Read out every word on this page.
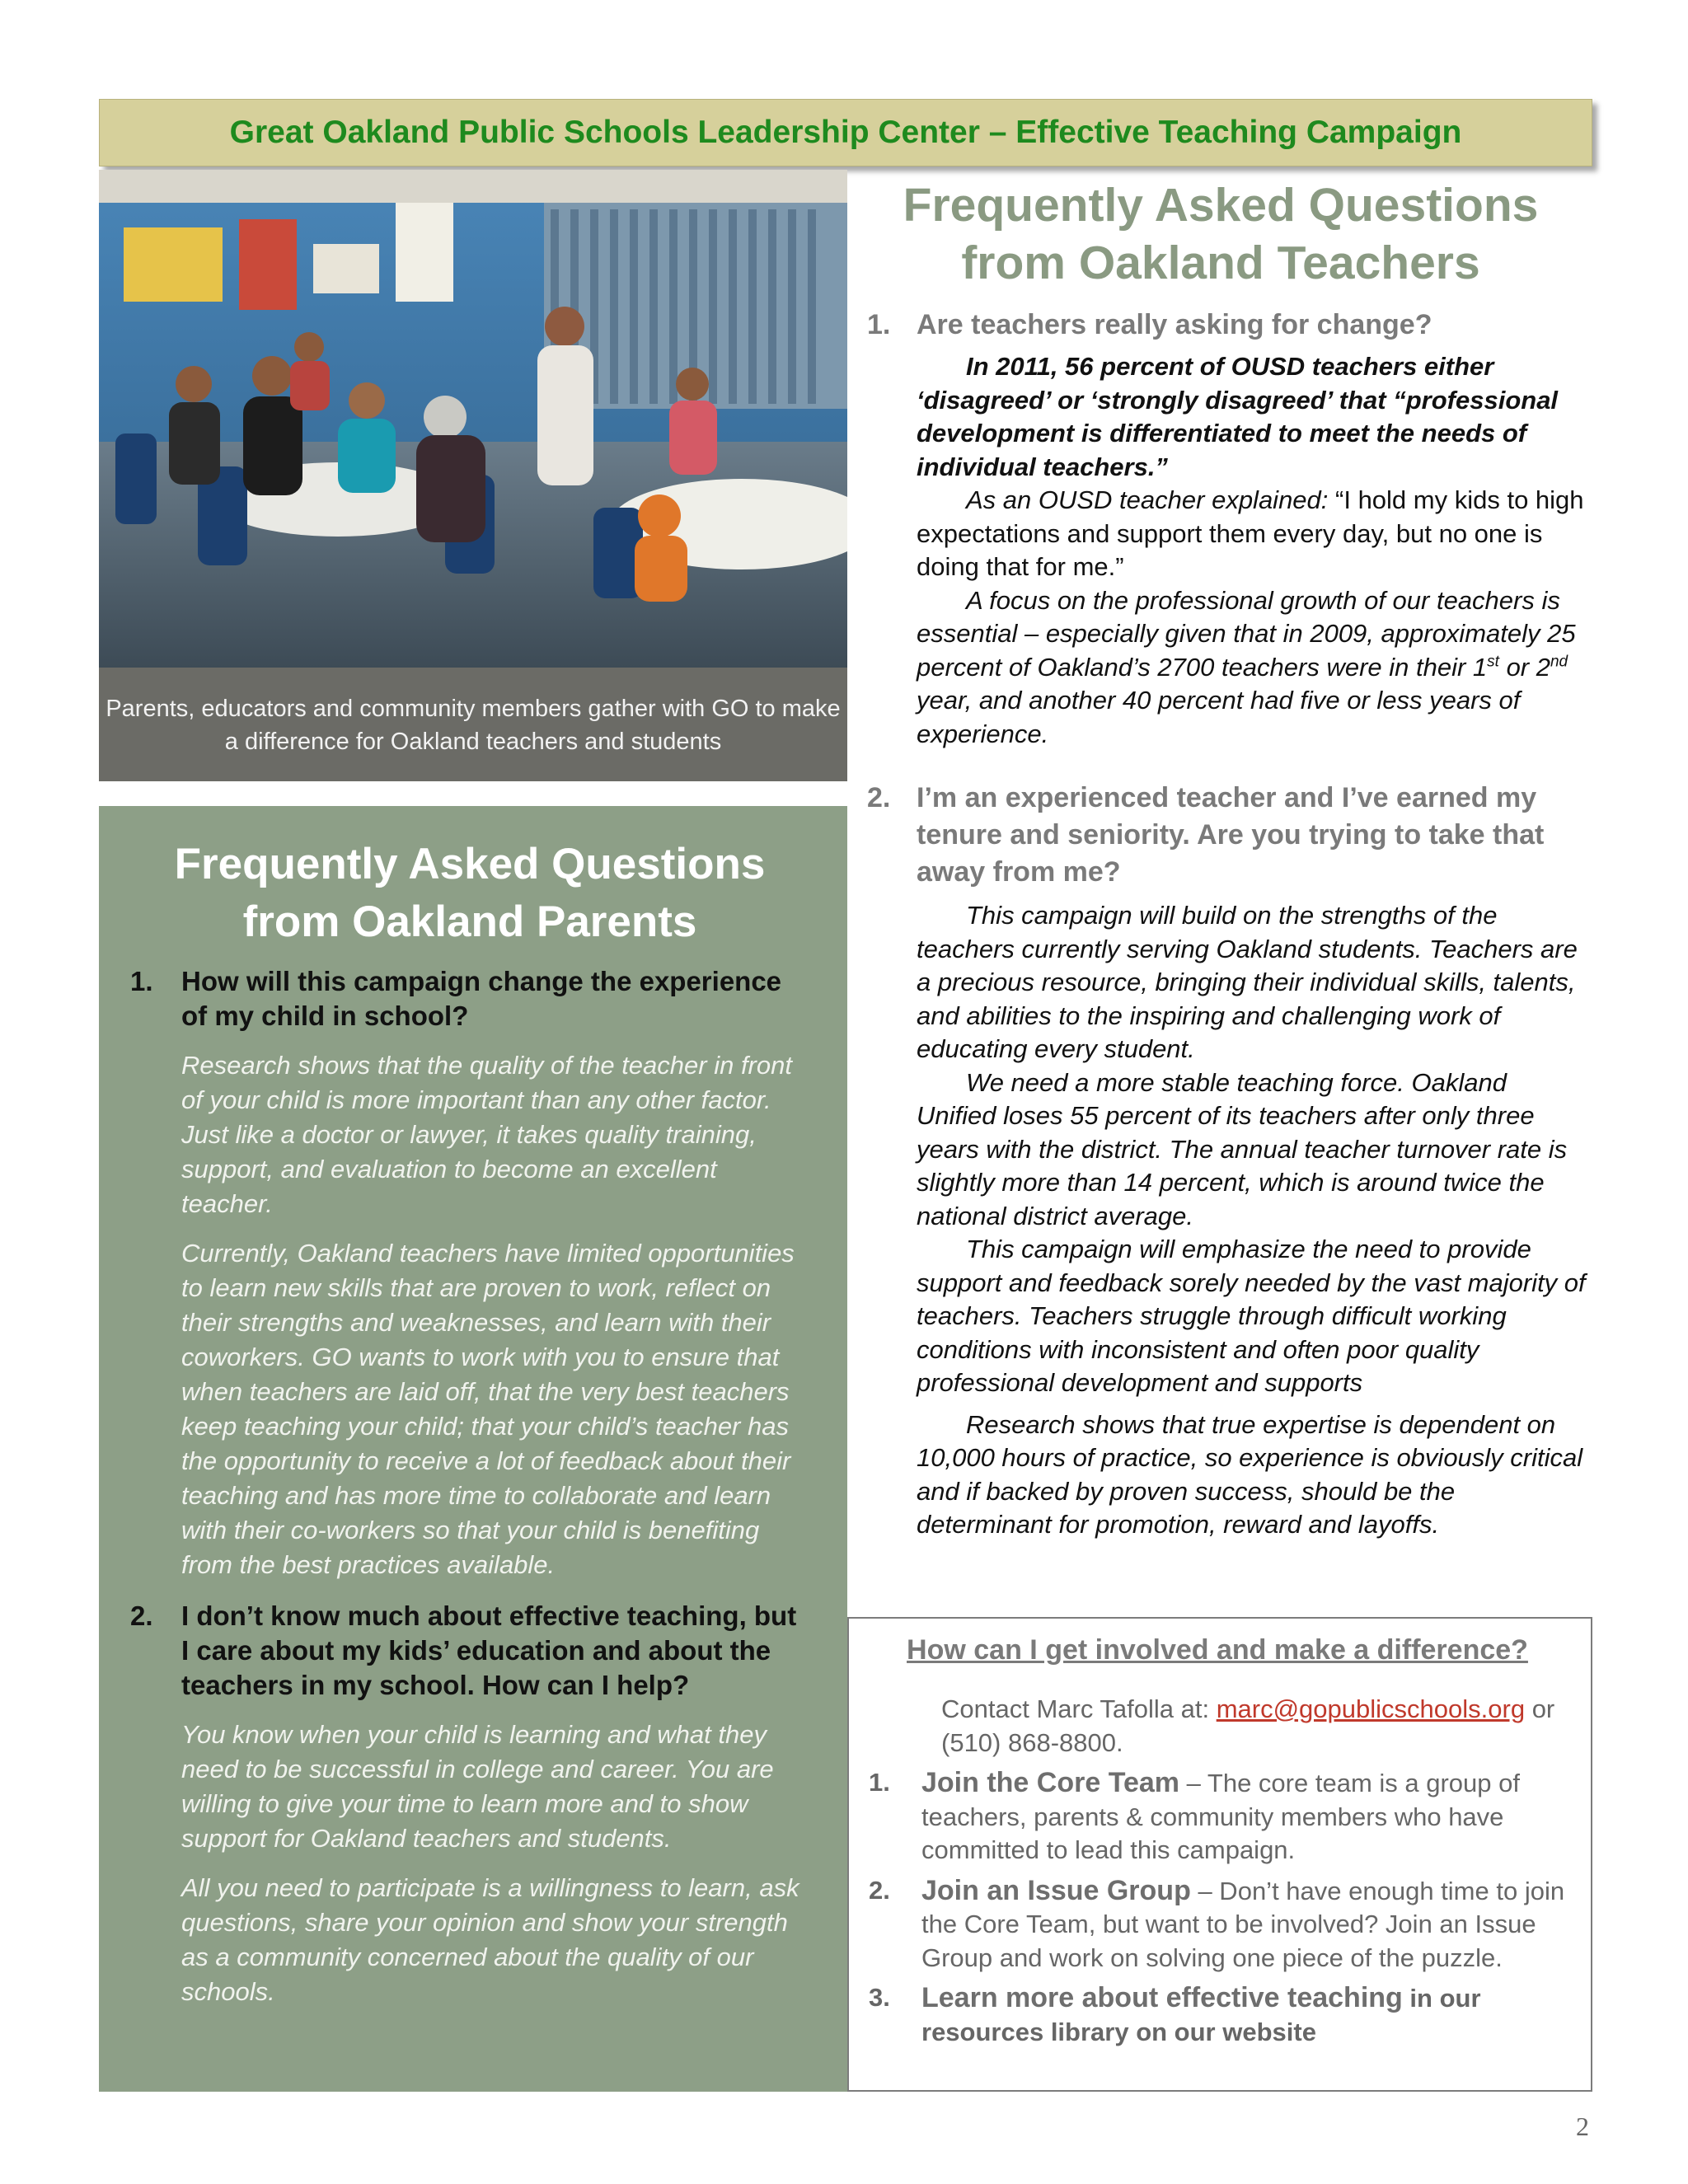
Great Oakland Public Schools Leadership Center – Effective Teaching Campaign
Parents, educators and community members gather with GO to make a difference for Oakland teachers and students
Frequently Asked Questions from Oakland Parents
1.	How will this campaign change the experience of my child in school?

Research shows that the quality of the teacher in front of your child is more important than any other factor. Just like a doctor or lawyer, it takes quality training, support, and evaluation to become an excellent teacher.

Currently, Oakland teachers have limited opportunities to learn new skills that are proven to work, reflect on their strengths and weaknesses, and learn with their coworkers. GO wants to work with you to ensure that when teachers are laid off, that the very best teachers keep teaching your child; that your child’s teacher has the opportunity to receive a lot of feedback about their teaching and has more time to collaborate and learn with their co-workers so that your child is benefiting from the best practices available.

2.	I don’t know much about effective teaching, but I care about my kids’ education and about the teachers in my school. How can I help?

You know when your child is learning and what they need to be successful in college and career. You are willing to give your time to learn more and to show support for Oakland teachers and students.

All you need to participate is a willingness to learn, ask questions, share your opinion and show your strength as a community concerned about the quality of our schools.

Frequently Asked Questions from Oakland Teachers
1. Are teachers really asking for change?

In 2011, 56 percent of OUSD teachers either ‘disagreed’ or ‘strongly disagreed’ that “professional development is differentiated to meet the needs of individual teachers.”

As an OUSD teacher explained: “I hold my kids to high expectations and support them every day, but no one is doing that for me.”

A focus on the professional growth of our teachers is essential – especially given that in 2009, approximately 25 percent of Oakland’s 2700 teachers were in their 1st or 2nd year, and another 40 percent had five or less years of experience.

2. I’m an experienced teacher and I’ve earned my tenure and seniority. Are you trying to take that away from me?

This campaign will build on the strengths of the teachers currently serving Oakland students. Teachers are a precious resource, bringing their individual skills, talents, and abilities to the inspiring and challenging work of educating every student.

We need a more stable teaching force. Oakland Unified loses 55 percent of its teachers after only three years with the district. The annual teacher turnover rate is slightly more than 14 percent, which is around twice the national district average.

This campaign will emphasize the need to provide support and feedback sorely needed by the vast majority of teachers. Teachers struggle through difficult working conditions with inconsistent and often poor quality professional development and supports

Research shows that true expertise is dependent on 10,000 hours of practice, so experience is obviously critical and if backed by proven success, should be the determinant for promotion, reward and layoffs.

How can I get involved and make a difference?

Contact Marc Tafolla at: marc@gopublicschools.org or (510) 868-8800.

1.	Join the Core Team – The core team is a group of teachers, parents & community members who have committed to lead this campaign.
2.	Join an Issue Group – Don’t have enough time to join the Core Team, but want to be involved? Join an Issue Group and work on solving one piece of the puzzle.
3.	Learn more about effective teaching in our resources library on our website
2
